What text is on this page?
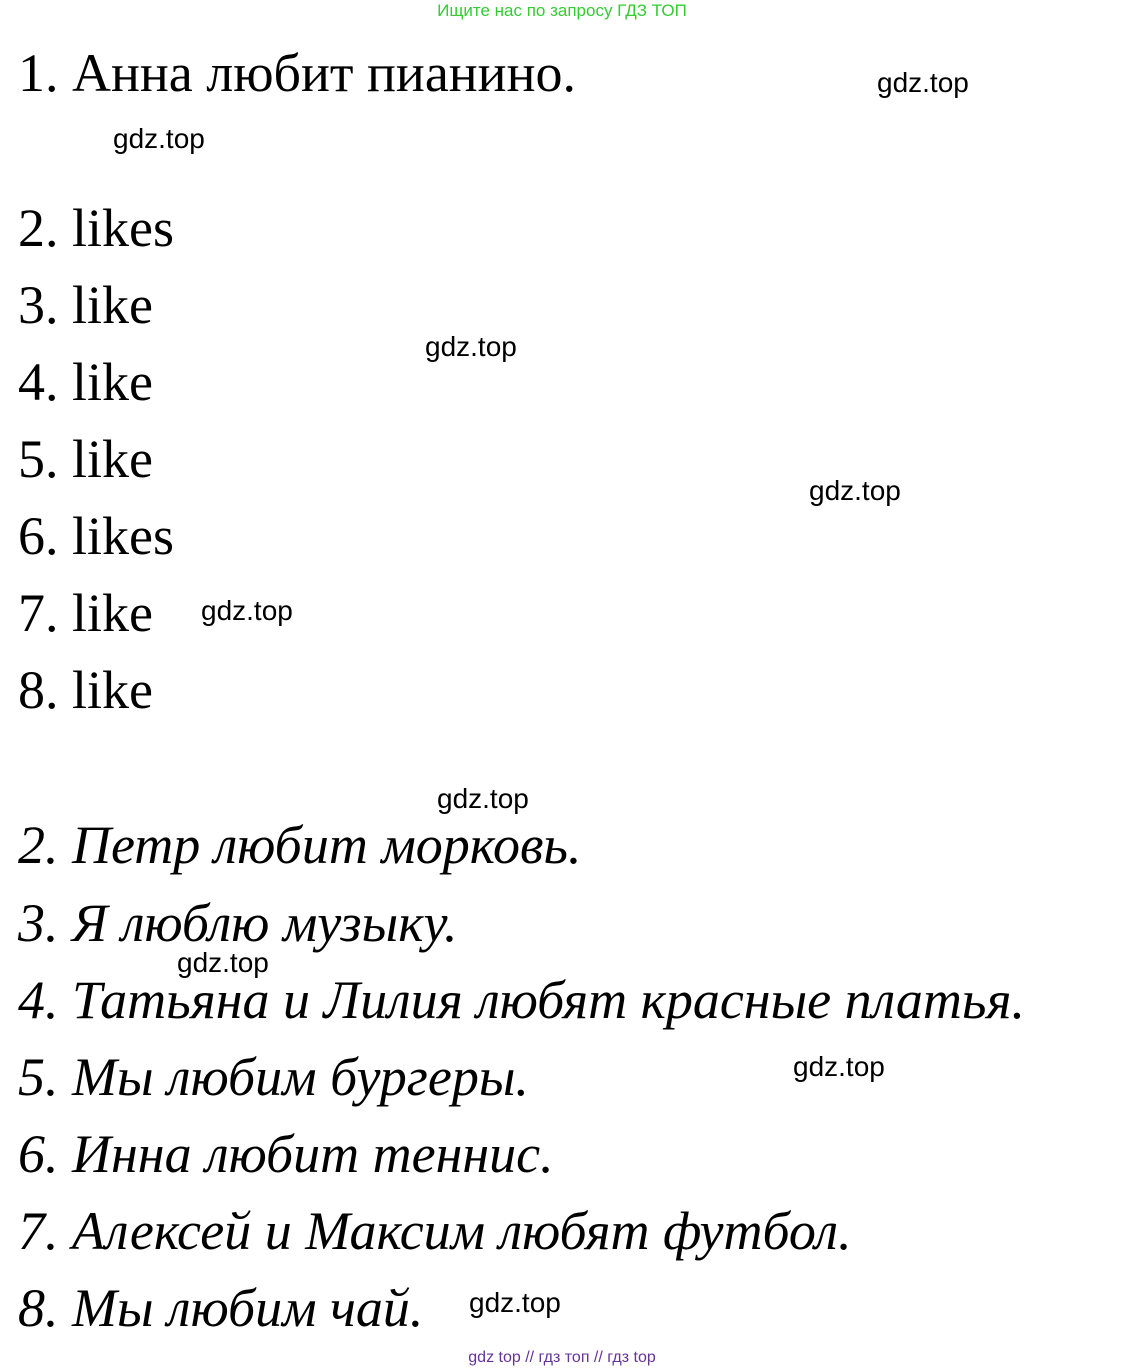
Ищите нас по запросу ГДЗ ТОП
1. Анна любит пианино.
2. likes
3. like
4. like
5. like
6. likes
7. like
8. like
2. Петр любит морковь.
3. Я люблю музыку.
4. Татьяна и Лилия любят красные платья.
5. Мы любим бургеры.
6. Инна любит теннис.
7. Алексей и Максим любят футбол.
8. Мы любим чай.
gdz.top
gdz.top
gdz.top
gdz.top
gdz.top
gdz.top
gdz.top
gdz.top
gdz.top
gdz top // гдз топ // гдз top
